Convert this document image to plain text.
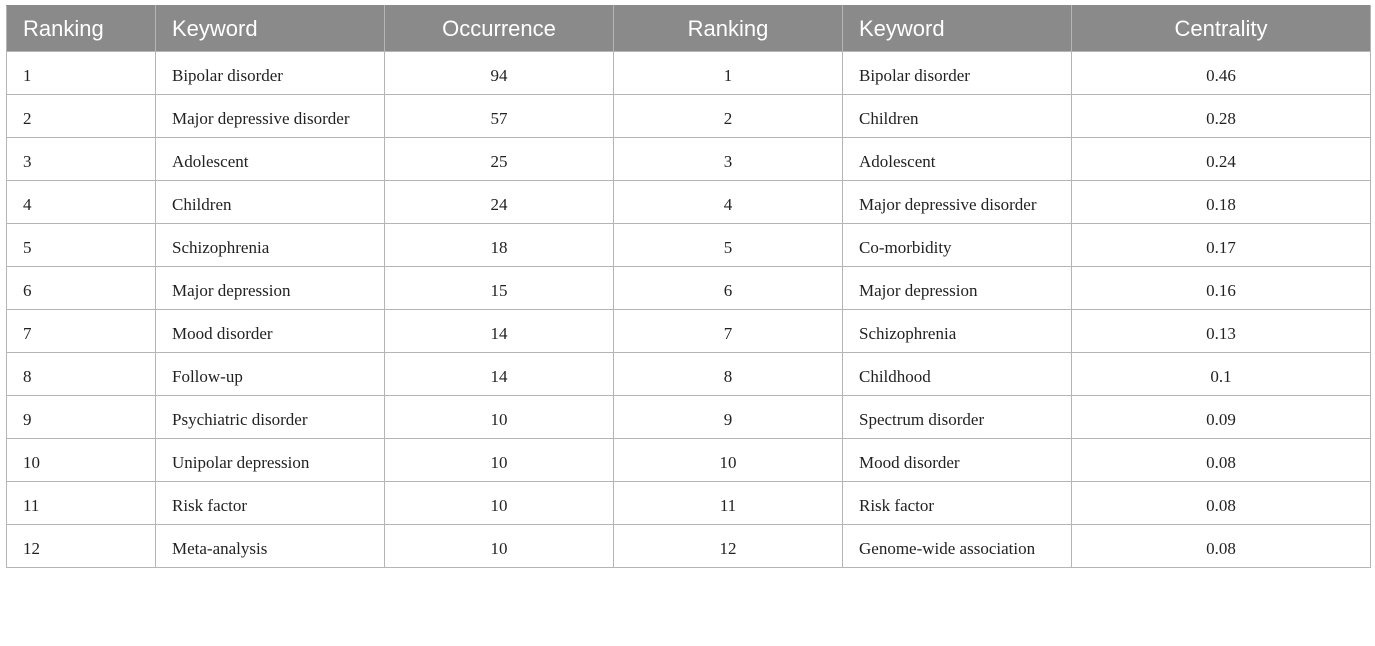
Ranking	Keyword	Occurrence	Ranking	Keyword	Centrality
1	Bipolar disorder	94	1	Bipolar disorder	0.46
2	Major depressive disorder	57	2	Children	0.28
3	Adolescent	25	3	Adolescent	0.24
4	Children	24	4	Major depressive disorder	0.18
5	Schizophrenia	18	5	Co-morbidity	0.17
6	Major depression	15	6	Major depression	0.16
7	Mood disorder	14	7	Schizophrenia	0.13
8	Follow-up	14	8	Childhood	0.1
9	Psychiatric disorder	10	9	Spectrum disorder	0.09
10	Unipolar depression	10	10	Mood disorder	0.08
11	Risk factor	10	11	Risk factor	0.08
12	Meta-analysis	10	12	Genome-wide association	0.08
